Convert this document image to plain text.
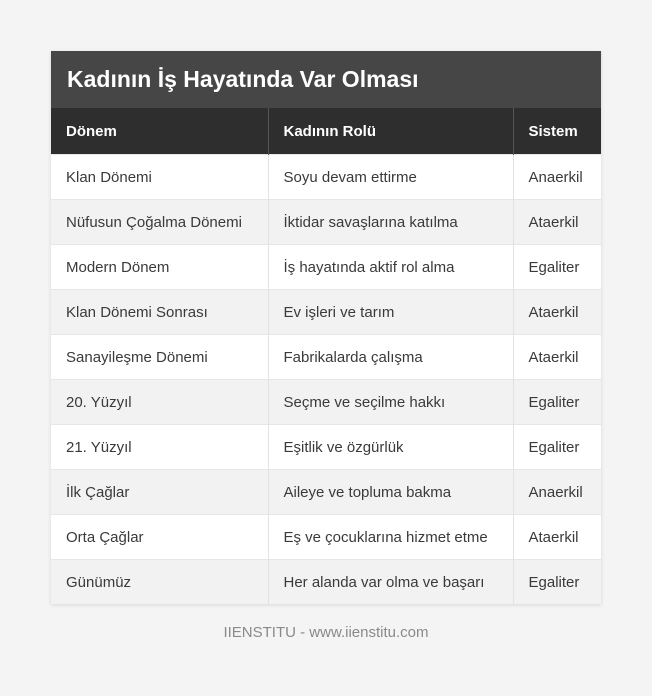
Kadının İş Hayatında Var Olması
Dönem	Kadının Rolü	Sistem
Klan Dönemi	Soyu devam ettirme	Anaerkil
Nüfusun Çoğalma Dönemi	İktidar savaşlarına katılma	Ataerkil
Modern Dönem	İş hayatında aktif rol alma	Egaliter
Klan Dönemi Sonrası	Ev işleri ve tarım	Ataerkil
Sanayileşme Dönemi	Fabrikalarda çalışma	Ataerkil
20. Yüzyıl	Seçme ve seçilme hakkı	Egaliter
21. Yüzyıl	Eşitlik ve özgürlük	Egaliter
İlk Çağlar	Aileye ve topluma bakma	Anaerkil
Orta Çağlar	Eş ve çocuklarına hizmet etme	Ataerkil
Günümüz	Her alanda var olma ve başarı	Egaliter
IIENSTITU - www.iienstitu.com
